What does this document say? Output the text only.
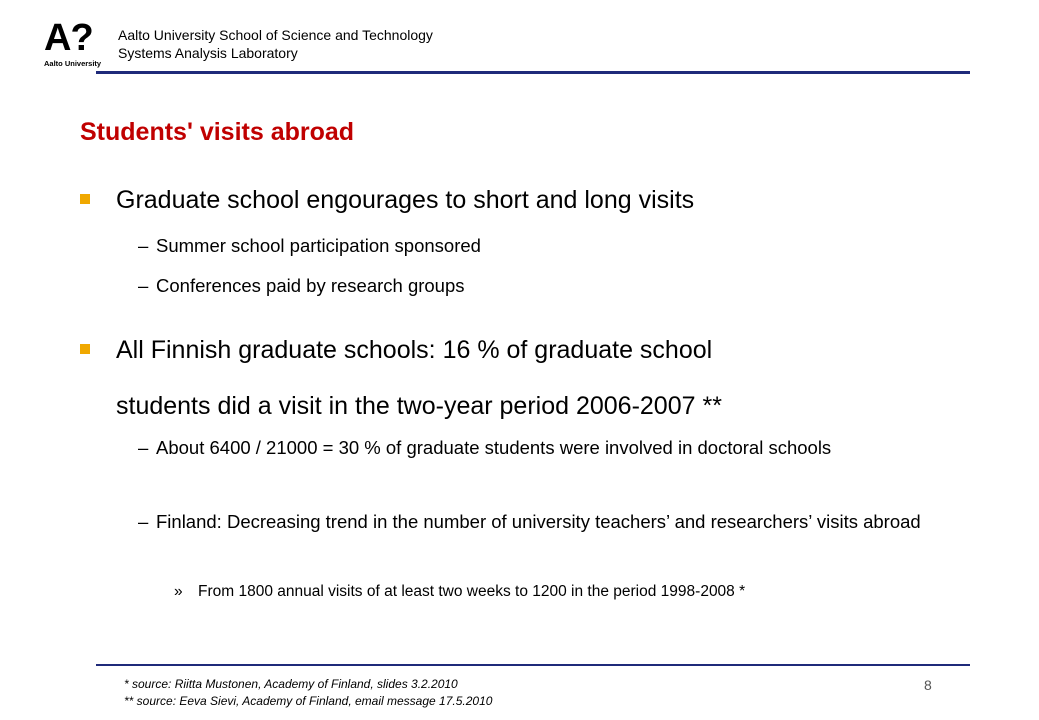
A?
Aalto University
Aalto University School of Science and Technology
Systems Analysis Laboratory
Students' visits abroad
Graduate school engourages to short and long visits
– Summer school participation sponsored
– Conferences paid by research groups
All Finnish graduate schools: 16 % of graduate school
students did a visit in the two-year period 2006-2007 **
– About 6400 / 21000 = 30 % of graduate students were involved in doctoral schools
– Finland: Decreasing trend in the number of university teachers’ and researchers’ visits abroad
» From 1800 annual visits of at least two weeks to 1200 in the period 1998-2008 *
* source: Riitta Mustonen, Academy of Finland, slides 3.2.2010
** source: Eeva Sievi, Academy of Finland, email message 17.5.2010
8
